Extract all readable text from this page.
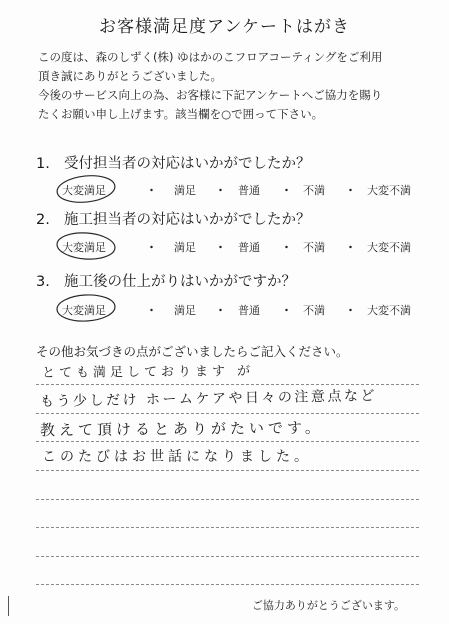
お客様満足度アンケートはがき
この度は、森のしずく(株) ゆはかのこフロアコーティングをご利用
頂き誠にありがとうございました。
今後のサービス向上の為、お客様に下記アンケートへご協力を賜り
たくお願い申し上げます。該当欄を○で囲って下さい。
1. 受付担当者の対応はいかがでしたか？
大変満足	・ 満足 ・ 普通 ・ 不満 ・ 大変不満
2. 施工担当者の対応はいかがでしたか？
大変満足	・ 満足 ・ 普通 ・ 不満 ・ 大変不満
3. 施工後の仕上がりはいかがですか？
大変満足	・ 満足 ・ 普通 ・ 不満 ・ 大変不満
その他お気づきの点がございましたらご記入ください。
とても満足しております が
もう少しだけ ホームケアや日々の注意点など
教えて頂けるとありがたいです。
このたびはお世話になりました。
ご協力ありがとうございます。
